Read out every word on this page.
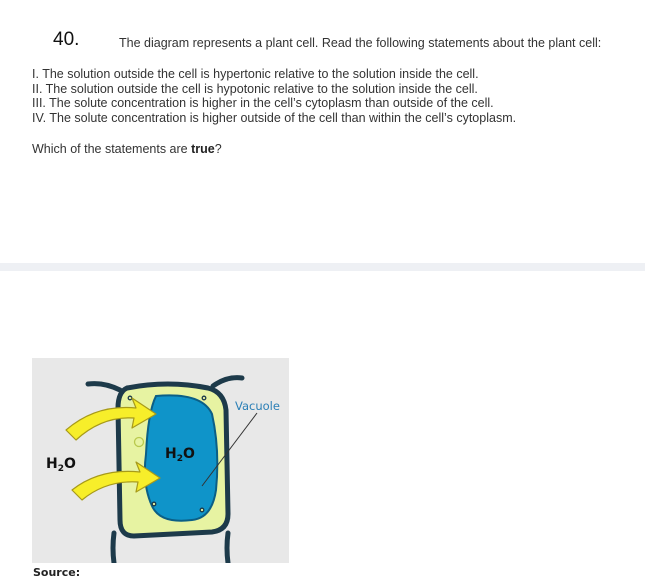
40.	The diagram represents a plant cell. Read the following statements about the plant cell:
I. The solution outside the cell is hypertonic relative to the solution inside the cell.
II. The solution outside the cell is hypotonic relative to the solution inside the cell.
III. The solute concentration is higher in the cell’s cytoplasm than outside of the cell.
IV. The solute concentration is higher outside of the cell than within the cell’s cytoplasm.
Which of the statements are true?
$H_2O$
$H_2O$
Vacuole
Source:
